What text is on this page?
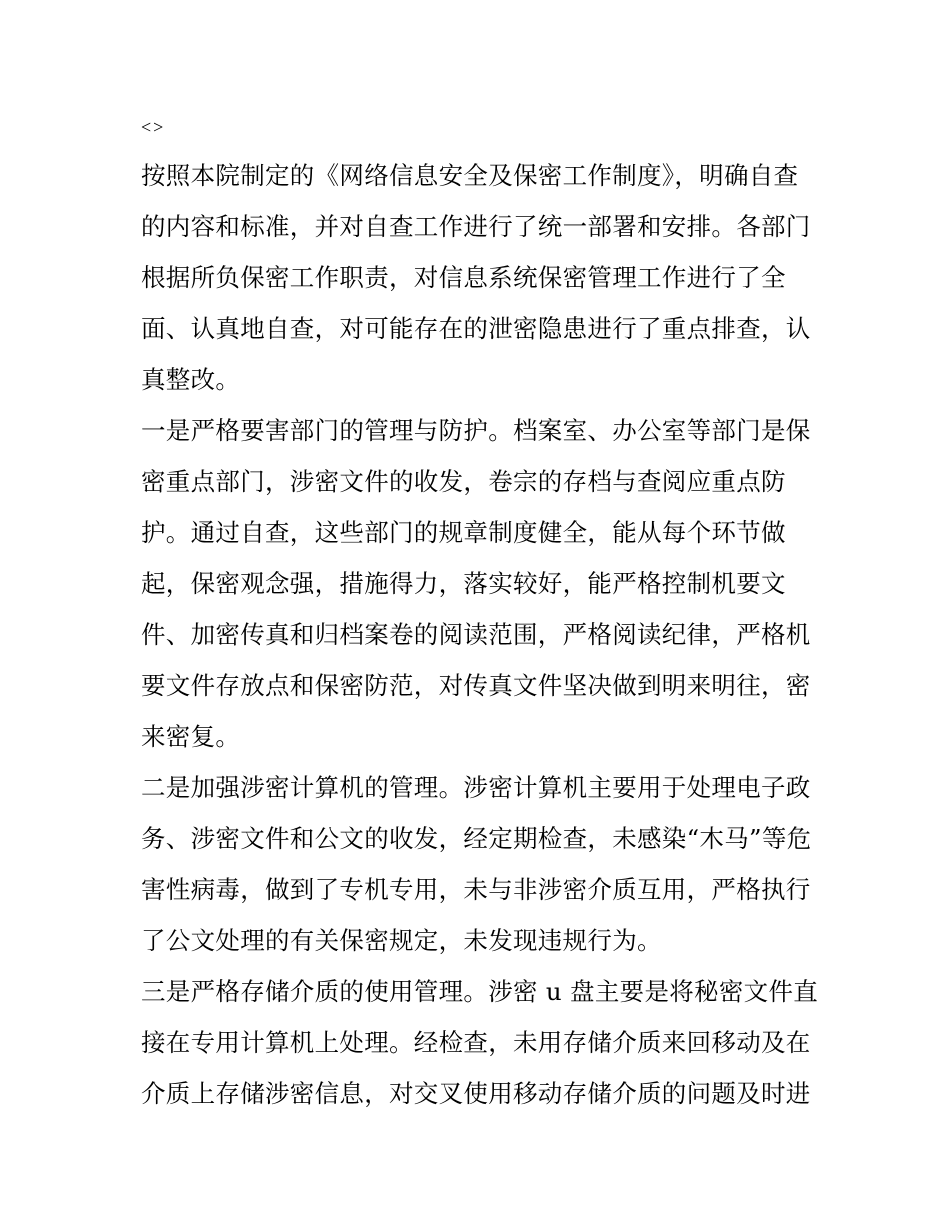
<>
按照本院制定的《网络信息安全及保密工作制度》，明确自查
的内容和标准，并对自查工作进行了统一部署和安排。各部门
根据所负保密工作职责，对信息系统保密管理工作进行了全
面、认真地自查，对可能存在的泄密隐患进行了重点排查，认
真整改。
一是严格要害部门的管理与防护。档案室、办公室等部门是保
密重点部门，涉密文件的收发，卷宗的存档与查阅应重点防
护。通过自查，这些部门的规章制度健全，能从每个环节做
起，保密观念强，措施得力，落实较好，能严格控制机要文
件、加密传真和归档案卷的阅读范围，严格阅读纪律，严格机
要文件存放点和保密防范，对传真文件坚决做到明来明往，密
来密复。
二是加强涉密计算机的管理。涉密计算机主要用于处理电子政
务、涉密文件和公文的收发，经定期检查，未感染“木马”等危
害性病毒，做到了专机专用，未与非涉密介质互用，严格执行
了公文处理的有关保密规定，未发现违规行为。
三是严格存储介质的使用管理。涉密 u 盘主要是将秘密文件直
接在专用计算机上处理。经检查，未用存储介质来回移动及在
介质上存储涉密信息，对交叉使用移动存储介质的问题及时进
